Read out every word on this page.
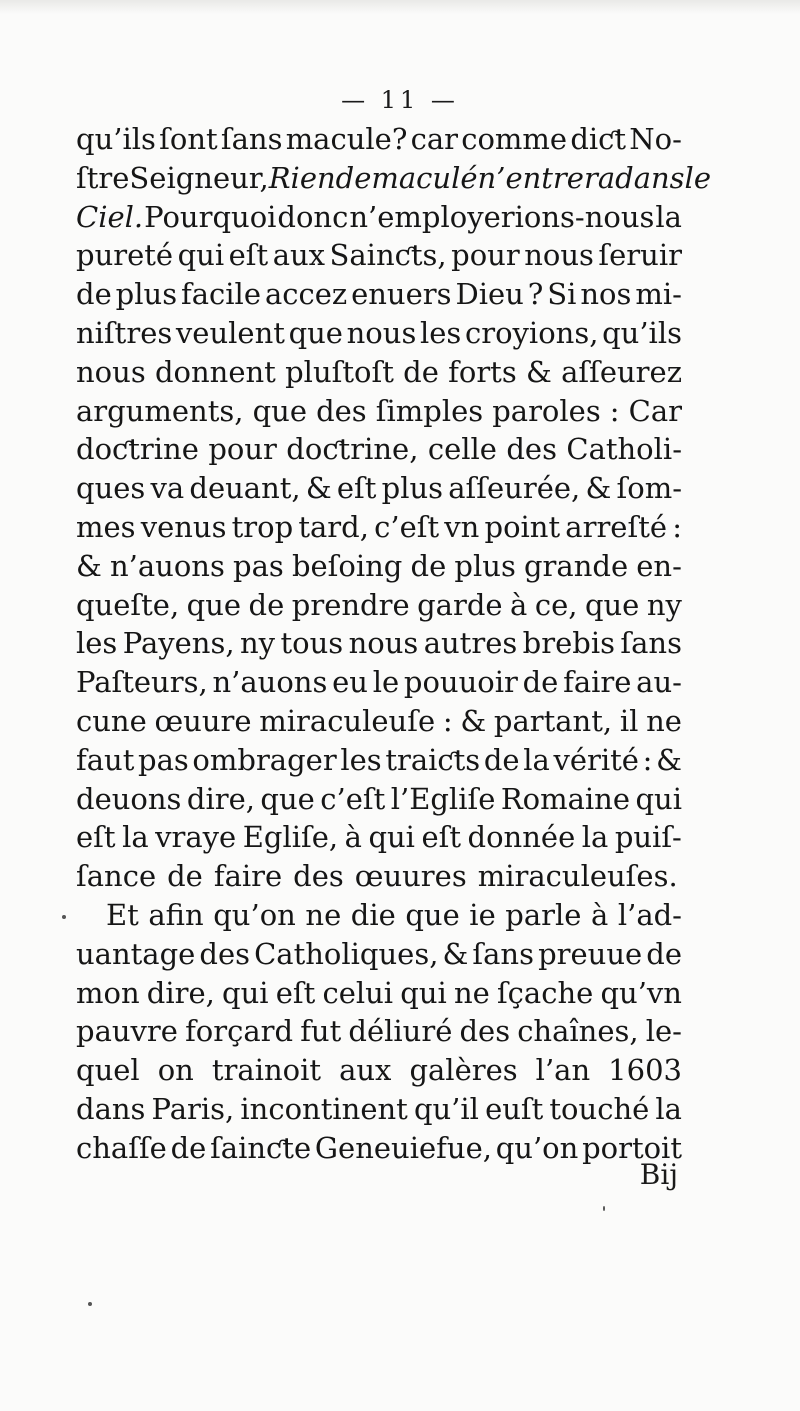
— 11 —
qu’ils ſont ſans macule? car comme diƈt No-
ſtre Seigneur, Rien de maculé n’entrera dans le
Ciel. Pourquoi donc n’employerions-nous la
pureté qui eſt aux Sainƈts, pour nous ſeruir
de plus facile accez enuers Dieu ? Si nos mi-
niſtres veulent que nous les croyions, qu’ils
nous donnent pluſtoſt de forts & aſſeurez
arguments, que des ſimples paroles : Car
doƈtrine pour doƈtrine, celle des Catholi-
ques va deuant, & eſt plus aſſeurée, & ſom-
mes venus trop tard, c’eſt vn point arreſté :
& n’auons pas beſoing de plus grande en-
queſte, que de prendre garde à ce, que ny
les Payens, ny tous nous autres brebis ſans
Paſteurs, n’auons eu le pouuoir de faire au-
cune œuure miraculeuſe : & partant, il ne
faut pas ombrager les traiƈts de la vérité : &
deuons dire, que c’eſt l’Egliſe Romaine qui
eſt la vraye Egliſe, à qui eſt donnée la puiſ-
ſance de faire des œuures miraculeuſes.
Et afin qu’on ne die que ie parle à l’ad-
uantage des Catholiques, & ſans preuue de
mon dire, qui eſt celui qui ne ſçache qu’vn
pauvre forçard fut déliuré des chaînes, le-
quel on trainoit aux galères l’an 1603
dans Paris, incontinent qu’il euſt touché la
chaſſe de ſainƈte Geneuiefue, qu’on portoit
Bij
